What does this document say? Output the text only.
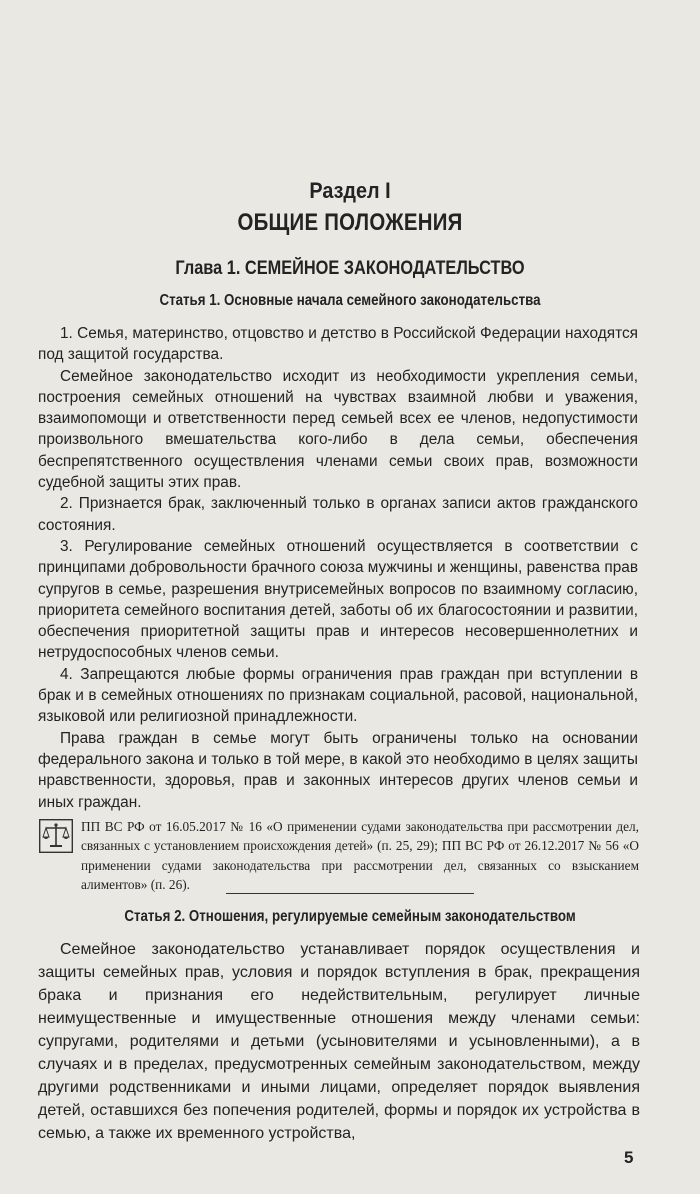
Раздел I
ОБЩИЕ ПОЛОЖЕНИЯ
Глава 1. СЕМЕЙНОЕ ЗАКОНОДАТЕЛЬСТВО
Статья 1. Основные начала семейного законодательства

1. Семья, материнство, отцовство и детство в Российской Федерации находятся под защитой государства.

Семейное законодательство исходит из необходимости укрепления семьи, построения семейных отношений на чувствах взаимной любви и уважения, взаимопомощи и ответственности перед семьей всех ее членов, недопустимости произвольного вмешательства кого-либо в дела семьи, обеспечения беспрепятственного осуществления членами семьи своих прав, возможности судебной защиты этих прав.

2. Признается брак, заключенный только в органах записи актов гражданского состояния.

3. Регулирование семейных отношений осуществляется в соответствии с принципами добровольности брачного союза мужчины и женщины, равенства прав супругов в семье, разрешения внутрисемейных вопросов по взаимному согласию, приоритета семейного воспитания детей, заботы об их благосостоянии и развитии, обеспечения приоритетной защиты прав и интересов несовершеннолетних и нетрудоспособных членов семьи.

4. Запрещаются любые формы ограничения прав граждан при вступлении в брак и в семейных отношениях по признакам социальной, расовой, национальной, языковой или религиозной принадлежности.

Права граждан в семье могут быть ограничены только на основании федерального закона и только в той мере, в какой это необходимо в целях защиты нравственности, здоровья, прав и законных интересов других членов семьи и иных граждан.

ПП ВС РФ от 16.05.2017 № 16 «О применении судами законодательства при рассмотрении дел, связанных с установлением происхождения детей» (п. 25, 29); ПП ВС РФ от 26.12.2017 № 56 «О применении судами законодательства при рассмотрении дел, связанных со взысканием алиментов» (п. 26).
Статья 2. Отношения, регулируемые семейным законодательством

Семейное законодательство устанавливает порядок осуществления и защиты семейных прав, условия и порядок вступления в брак, прекращения брака и признания его недействительным, регулирует личные неимущественные и имущественные отношения между членами семьи: супругами, родителями и детьми (усыновителями и усыновленными), а в случаях и в пределах, предусмотренных семейным законодательством, между другими родственниками и иными лицами, определяет порядок выявления детей, оставшихся без попечения родителей, формы и порядок их устройства в семью, а также их временного устройства,

5
